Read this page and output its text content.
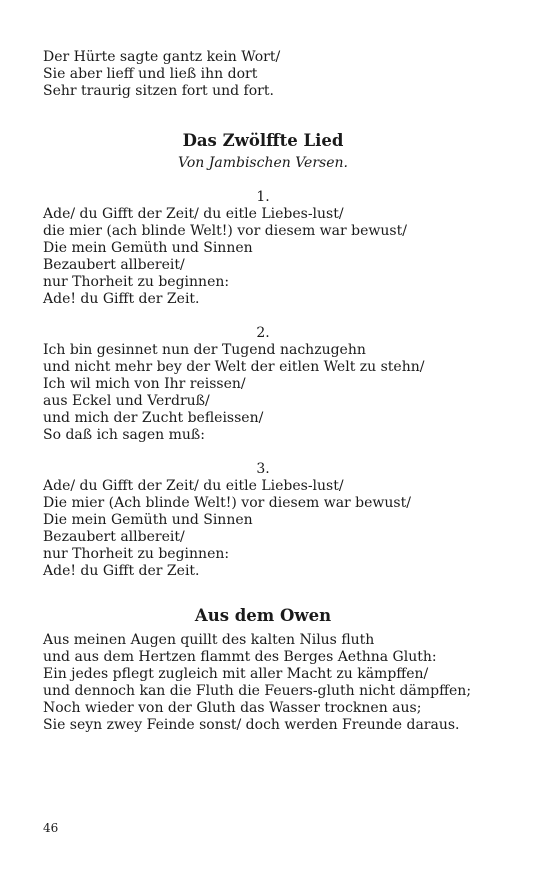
Der Hürte sagte gantz kein Wort/
Sie aber lieff und ließ ihn dort
Sehr traurig sitzen fort und fort.
Das Zwölffte Lied
Von Jambischen Versen.
1.
Ade/ du Gifft der Zeit/ du eitle Liebes-lust/
die mier (ach blinde Welt!) vor diesem war bewust/
Die mein Gemüth und Sinnen
Bezaubert allbereit/
nur Thorheit zu beginnen:
Ade! du Gifft der Zeit.
2.
Ich bin gesinnet nun der Tugend nachzugehn
und nicht mehr bey der Welt der eitlen Welt zu stehn/
Ich wil mich von Ihr reissen/
aus Eckel und Verdruß/
und mich der Zucht befleissen/
So daß ich sagen muß:
3.
Ade/ du Gifft der Zeit/ du eitle Liebes-lust/
Die mier (Ach blinde Welt!) vor diesem war bewust/
Die mein Gemüth und Sinnen
Bezaubert allbereit/
nur Thorheit zu beginnen:
Ade! du Gifft der Zeit.
Aus dem Owen
Aus meinen Augen quillt des kalten Nilus fluth
und aus dem Hertzen flammt des Berges Aethna Gluth:
Ein jedes pflegt zugleich mit aller Macht zu kämpffen/
und dennoch kan die Fluth die Feuers-gluth nicht dämpffen;
Noch wieder von der Gluth das Wasser trocknen aus;
Sie seyn zwey Feinde sonst/ doch werden Freunde daraus.
46
